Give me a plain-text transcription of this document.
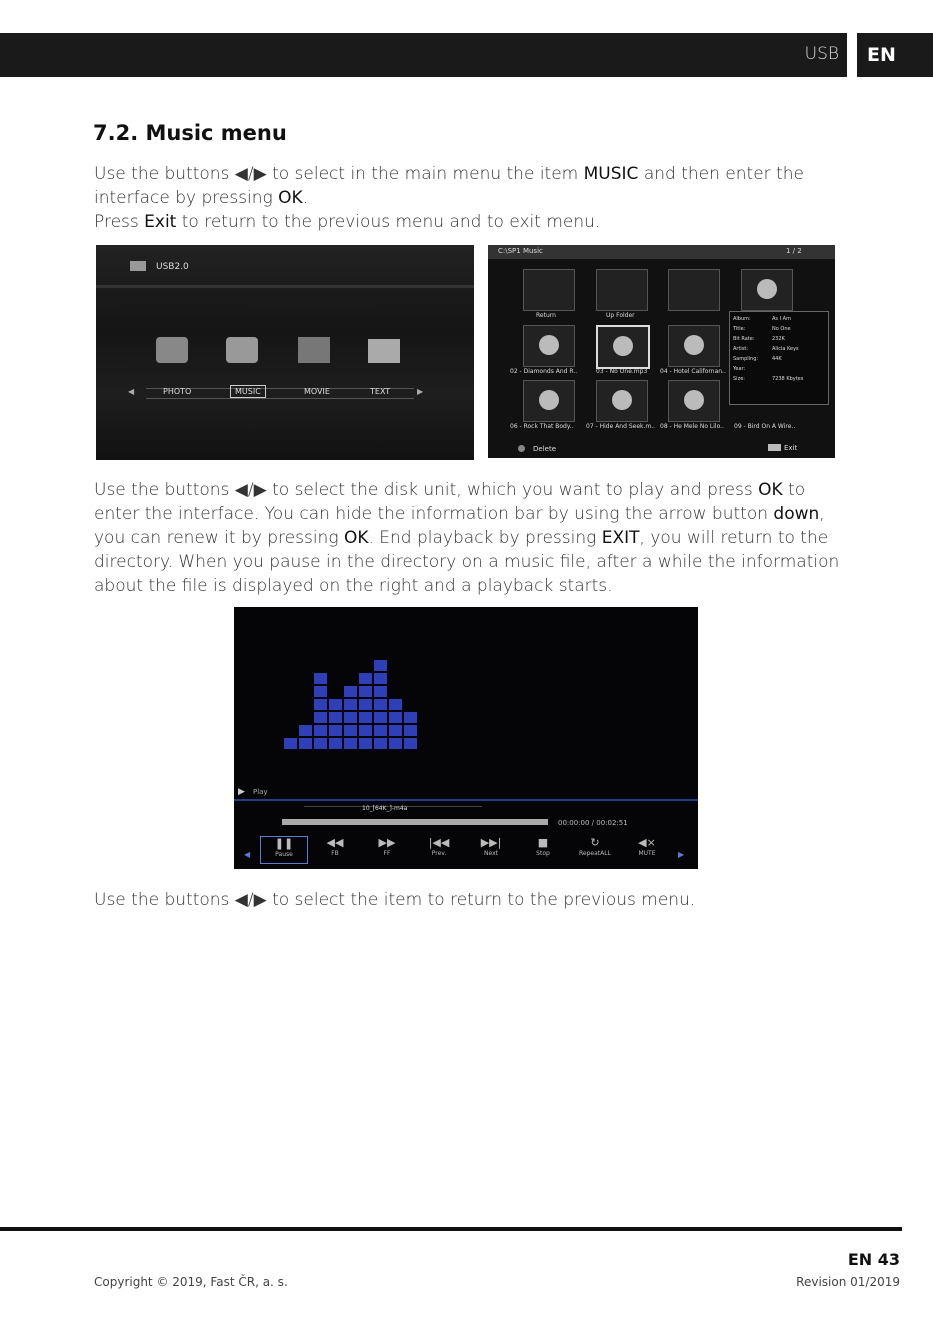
USB	EN
7.2. Music menu
Use the buttons ◀/▶ to select in the main menu the item MUSIC and then enter the
interface by pressing OK.
Press Exit to return to the previous menu and to exit menu.
USB2.0
◀	PHOTO	MUSIC	MOVIE	TEXT	▶
C:\SP1 Music	1 / 2
Return	Up Folder
02 - Diamonds And R..	03 - No One.mp3 04 - Hotel Californan..
06 - Rock That Body.. 07 - Hide And Seek.m.. 08 - He Mele No Lilo.. 09 - Bird On A Wire..
Album:	As I Am
Title:	No One
Bit Rate:	232K
Artist:	Alicia Keys
Sampling:	44K
Year:
Size:	7238 Kbytes
Delete	Exit
Use the buttons ◀/▶ to select the disk unit, which you want to play and press OK to
enter the interface. You can hide the information bar by using the arrow button down,
you can renew it by pressing OK. End playback by pressing EXIT, you will return to the
directory. When you pause in the directory on a music file, after a while the information
about the file is displayed on the right and a playback starts.
▶ Play
10_[64K_]-m4a
00:00:00 / 00:02:51
◀	▶
❚❚
Pause
◀◀
FB
▶▶
FF
|◀◀
Prev.
▶▶|
Next
■
Stop
↻
RepeatALL
◀×
MUTE
Use the buttons ◀/▶ to select the item to return to the previous menu.
EN 43
Copyright © 2019, Fast ČR, a. s.	Revision 01/2019
